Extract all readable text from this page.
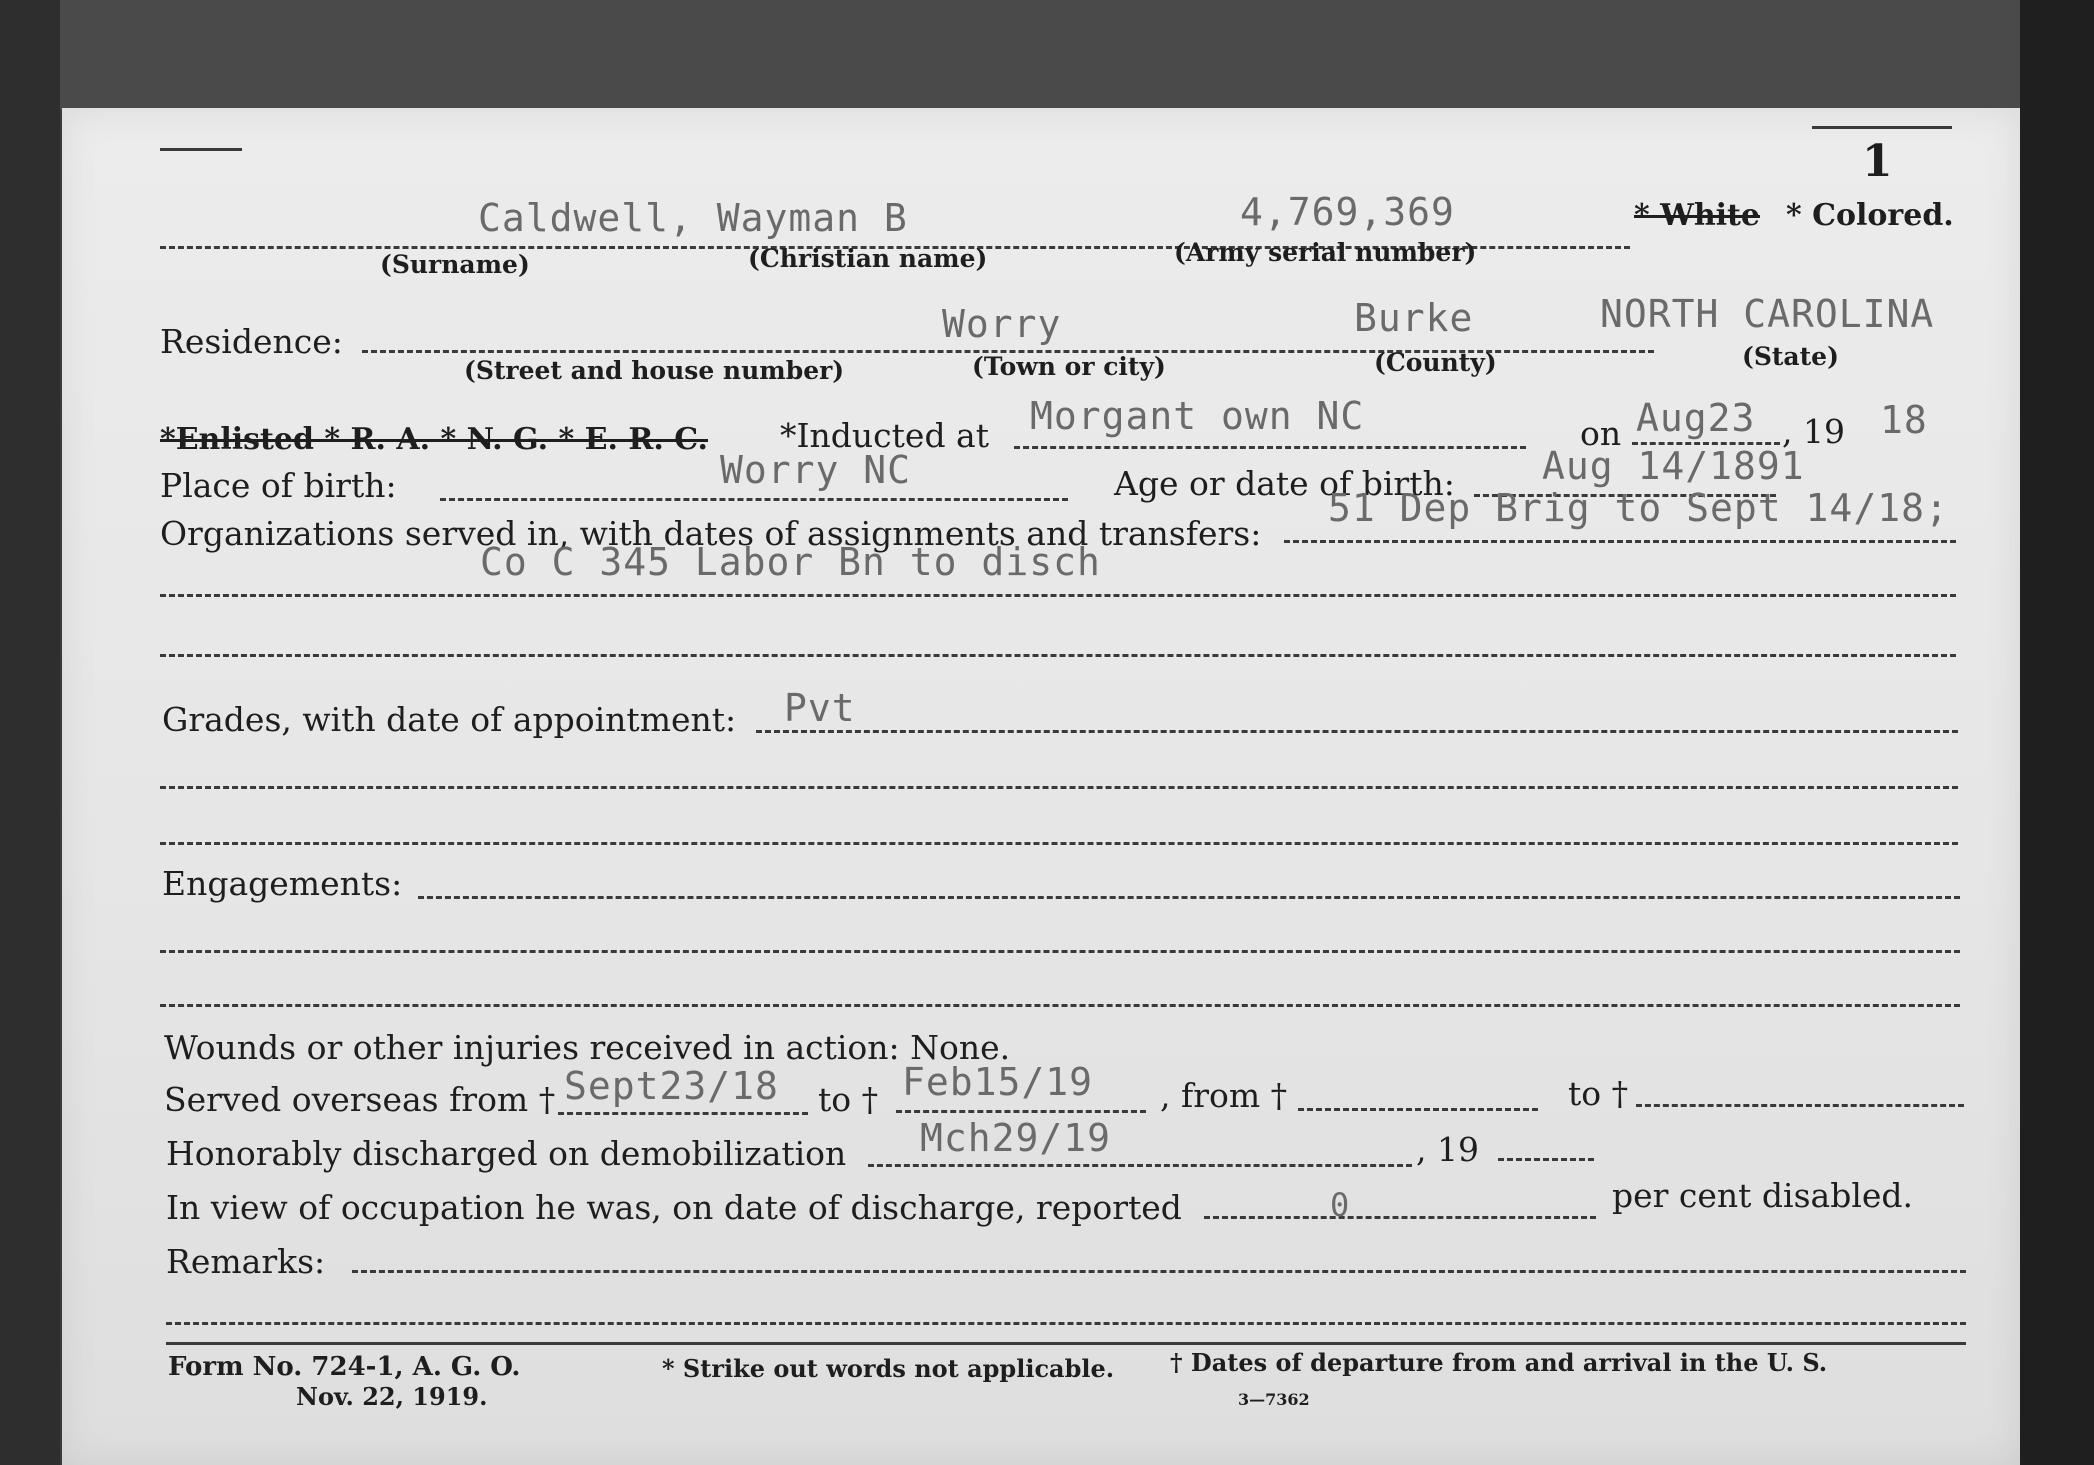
1
Caldwell, Wayman B	4,769,369	* White * Colored.
(Surname)	(Christian name)	(Army serial number)
Residence:	Worry	Burke	NORTH CAROLINA
(Street and house number)	(Town or city)	(County)	(State)
*Enlisted * R. A. * N. G. * E. R. C. *Inducted at Morgant own NC	on Aug23 , 19 18
Place of birth:	Worry NC	Age or date of birth: Aug 14/1891
Organizations served in, with dates of assignments and transfers:
51 Dep Brig to Sept 14/18;
Co C 345 Labor Bn to disch
Grades, with date of appointment: Pvt
Engagements:
Wounds or other injuries received in action: None.
Served overseas from † Sept23/18 to † Feb15/19 , from †	to †
Honorably discharged on demobilization Mch29/19	, 19
In view of occupation he was, on date of discharge, reported	0	per cent disabled.
Remarks:
Form No. 724-1, A. G. O.
Nov. 22, 1919.
* Strike out words not applicable. † Dates of departure from and arrival in the U. S.
3—7362
